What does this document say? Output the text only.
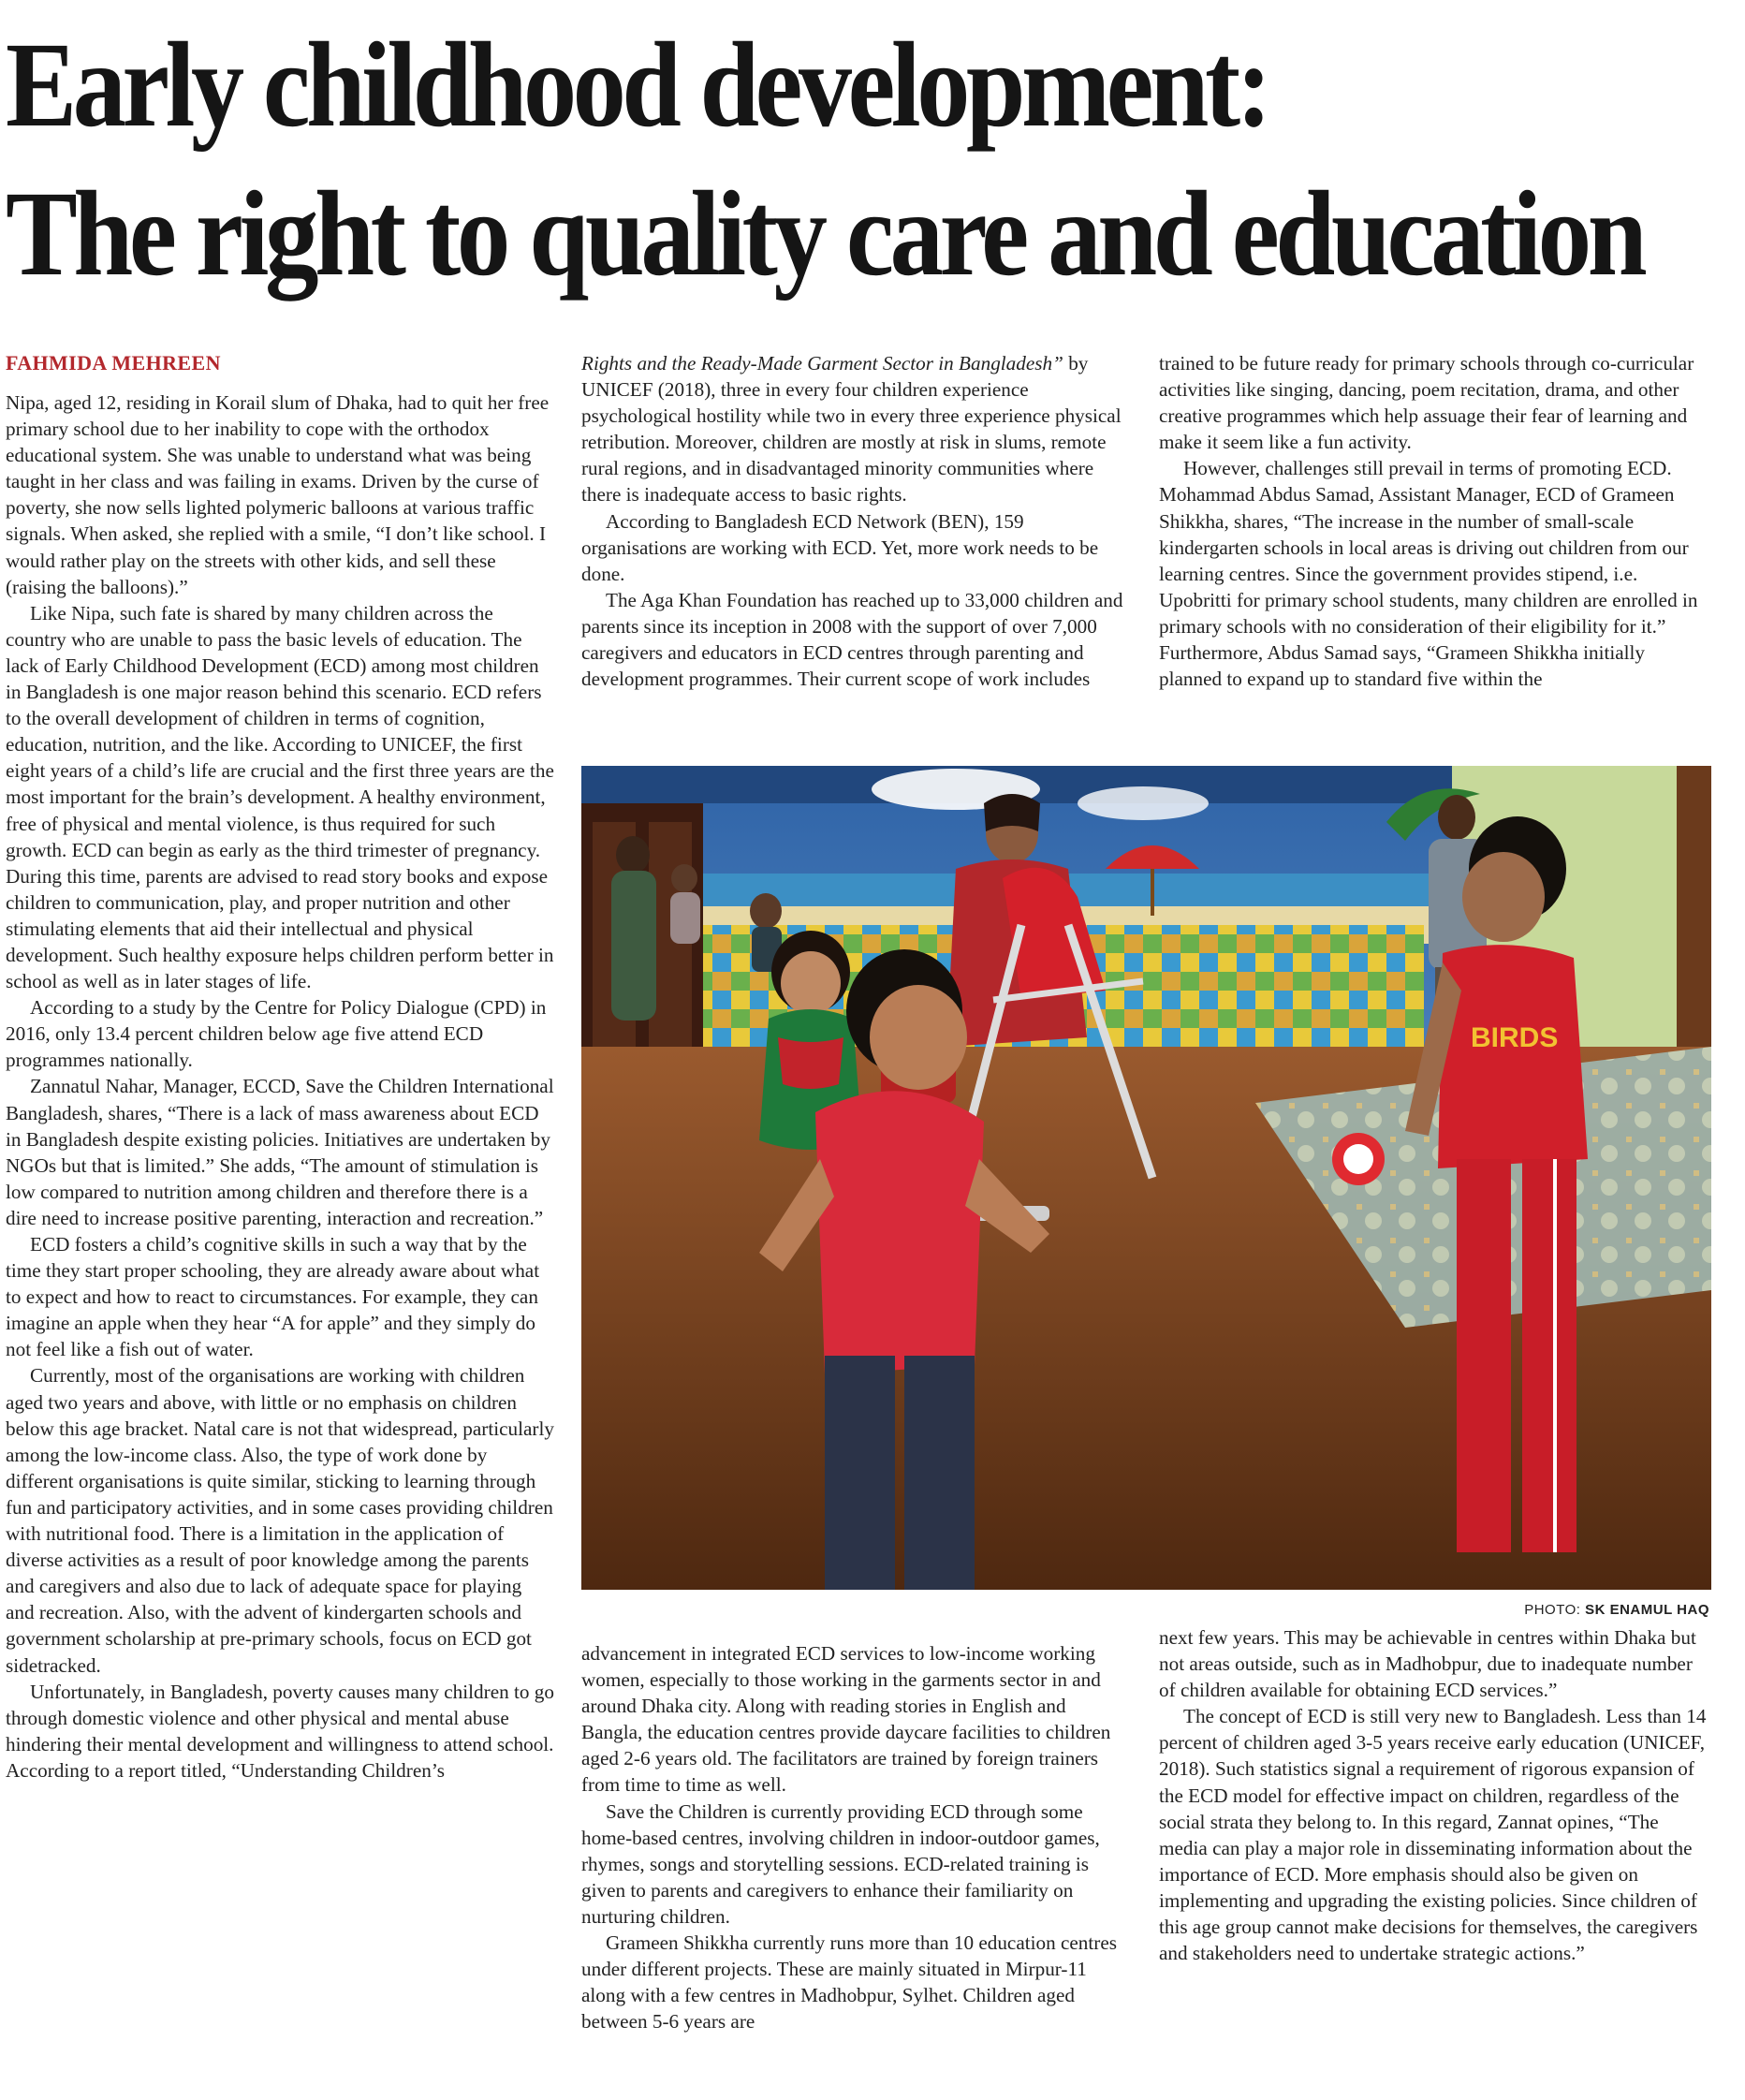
Early childhood development:
The right to quality care and education
FAHMIDA MEHREEN

Nipa, aged 12, residing in Korail slum of Dhaka, had to quit her free primary school due to her inability to cope with the orthodox educational system. She was unable to understand what was being taught in her class and was failing in exams. Driven by the curse of poverty, she now sells lighted polymeric balloons at various traffic signals. When asked, she replied with a smile, “I don’t like school. I would rather play on the streets with other kids, and sell these (raising the balloons).”

Like Nipa, such fate is shared by many children across the country who are unable to pass the basic levels of education. The lack of Early Childhood Development (ECD) among most children in Bangladesh is one major reason behind this scenario. ECD refers to the overall development of children in terms of cognition, education, nutrition, and the like. According to UNICEF, the first eight years of a child’s life are crucial and the first three years are the most important for the brain’s development. A healthy environment, free of physical and mental violence, is thus required for such growth. ECD can begin as early as the third trimester of pregnancy. During this time, parents are advised to read story books and expose children to communication, play, and proper nutrition and other stimulating elements that aid their intellectual and physical development. Such healthy exposure helps children perform better in school as well as in later stages of life.

According to a study by the Centre for Policy Dialogue (CPD) in 2016, only 13.4 percent children below age five attend ECD programmes nationally.

Zannatul Nahar, Manager, ECCD, Save the Children International Bangladesh, shares, “There is a lack of mass awareness about ECD in Bangladesh despite existing policies. Initiatives are undertaken by NGOs but that is limited.” She adds, “The amount of stimulation is low compared to nutrition among children and therefore there is a dire need to increase positive parenting, interaction and recreation.”

ECD fosters a child’s cognitive skills in such a way that by the time they start proper schooling, they are already aware about what to expect and how to react to circumstances. For example, they can imagine an apple when they hear “A for apple” and they simply do not feel like a fish out of water.

Currently, most of the organisations are working with children aged two years and above, with little or no emphasis on children below this age bracket. Natal care is not that widespread, particularly among the low-income class. Also, the type of work done by different organisations is quite similar, sticking to learning through fun and participatory activities, and in some cases providing children with nutritional food. There is a limitation in the application of diverse activities as a result of poor knowledge among the parents and caregivers and also due to lack of adequate space for playing and recreation. Also, with the advent of kindergarten schools and government scholarship at pre-primary schools, focus on ECD got sidetracked.

Unfortunately, in Bangladesh, poverty causes many children to go through domestic violence and other physical and mental abuse hindering their mental development and willingness to attend school. According to a report titled, “Understanding Children’s

Rights and the Ready-Made Garment Sector in Bangladesh” by UNICEF (2018), three in every four children experience psychological hostility while two in every three experience physical retribution. Moreover, children are mostly at risk in slums, remote rural regions, and in disadvantaged minority communities where there is inadequate access to basic rights.

According to Bangladesh ECD Network (BEN), 159 organisations are working with ECD. Yet, more work needs to be done.

The Aga Khan Foundation has reached up to 33,000 children and parents since its inception in 2008 with the support of over 7,000 caregivers and educators in ECD centres through parenting and development programmes. Their current scope of work includes

trained to be future ready for primary schools through co-curricular activities like singing, dancing, poem recitation, drama, and other creative programmes which help assuage their fear of learning and make it seem like a fun activity.

However, challenges still prevail in terms of promoting ECD. Mohammad Abdus Samad, Assistant Manager, ECD of Grameen Shikkha, shares, “The increase in the number of small-scale kindergarten schools in local areas is driving out children from our learning centres. Since the government provides stipend, i.e. Upobritti for primary school students, many children are enrolled in primary schools with no consideration of their eligibility for it.” Furthermore, Abdus Samad says, “Grameen Shikkha initially planned to expand up to standard five within the

BIRDS
PHOTO: SK ENAMUL HAQ

advancement in integrated ECD services to low-income working women, especially to those working in the garments sector in and around Dhaka city. Along with reading stories in English and Bangla, the education centres provide daycare facilities to children aged 2-6 years old. The facilitators are trained by foreign trainers from time to time as well.

Save the Children is currently providing ECD through some home-based centres, involving children in indoor-outdoor games, rhymes, songs and storytelling sessions. ECD-related training is given to parents and caregivers to enhance their familiarity on nurturing children.

Grameen Shikkha currently runs more than 10 education centres under different projects. These are mainly situated in Mirpur-11 along with a few centres in Madhobpur, Sylhet. Children aged between 5-6 years are

next few years. This may be achievable in centres within Dhaka but not areas outside, such as in Madhobpur, due to inadequate number of children available for obtaining ECD services.”

The concept of ECD is still very new to Bangladesh. Less than 14 percent of children aged 3-5 years receive early education (UNICEF, 2018). Such statistics signal a requirement of rigorous expansion of the ECD model for effective impact on children, regardless of the social strata they belong to. In this regard, Zannat opines, “The media can play a major role in disseminating information about the importance of ECD. More emphasis should also be given on implementing and upgrading the existing policies. Since children of this age group cannot make decisions for themselves, the caregivers and stakeholders need to undertake strategic actions.”
